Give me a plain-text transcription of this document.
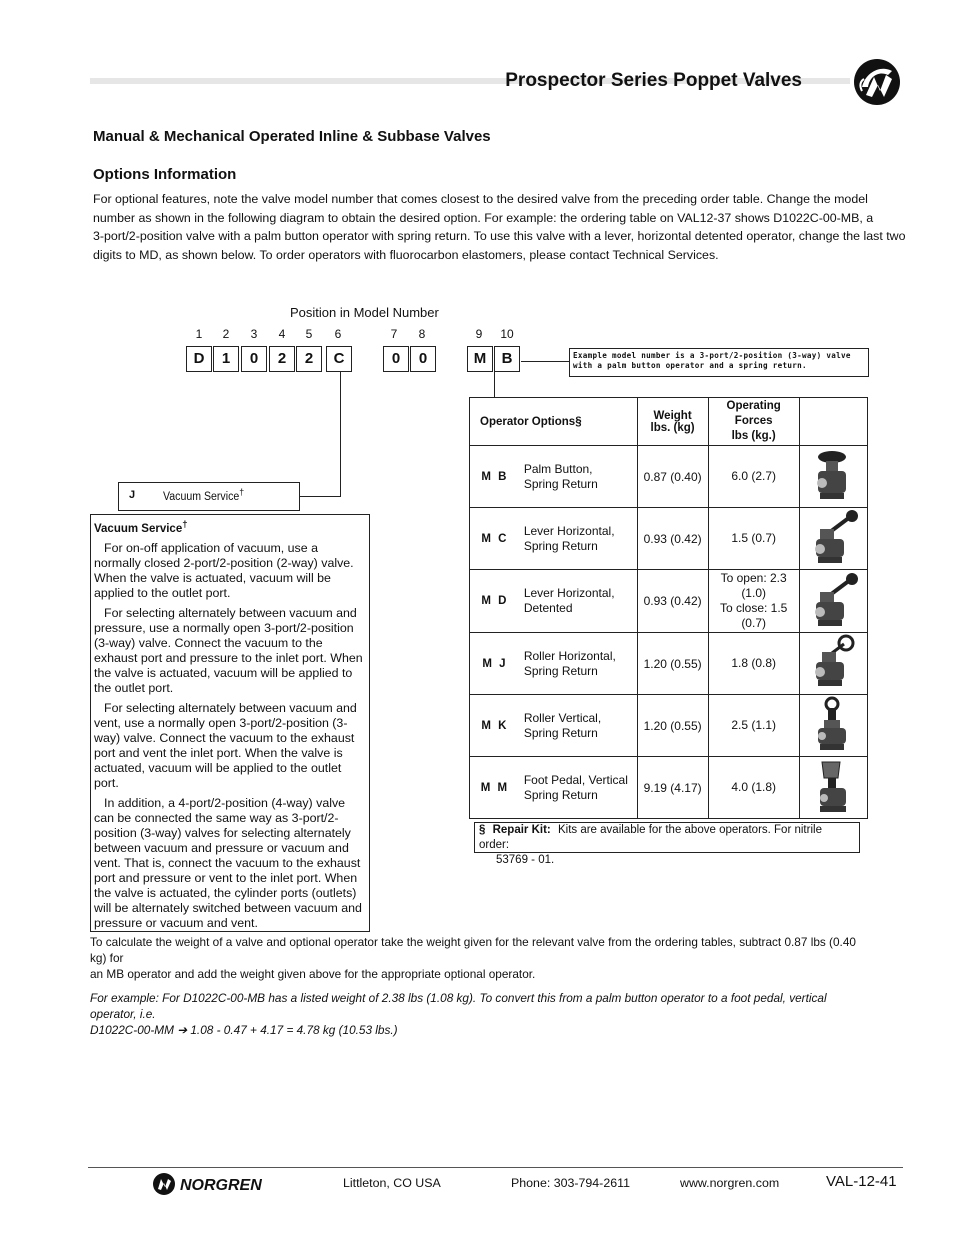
Prospector Series Poppet Valves
Manual & Mechanical Operated Inline & Subbase Valves
Options Information

For optional features, note the valve model number that comes closest to the desired valve from the preceding order table. Change the model

number as shown in the following diagram to obtain the desired option. For example: the ordering table on VAL12-37 shows D1022C-00-MB, a

3-port/2-position valve with a palm button operator with spring return. To use this valve with a lever, horizontal detented operator, change the last two

digits to MD, as shown below. To order operators with fluorocarbon elastomers, please contact Technical Services.

Position in Model Number
1	2	3	4	5	6	7	8	9	10
D	1	0	2	2	C	0	0	M	B	Example model number is a 3-port/2-position (3-way) valve
with a palm button operator and a spring return.
J Vacuum Service†
Vacuum Service†

For on-off application of vacuum, use a normally closed 2-port/2-position (2-way) valve. When the valve is actuated, vacuum will be applied to the outlet port.

For selecting alternately between vacuum and pressure, use a normally open 3-port/2-position (3-way) valve. Connect the vacuum to the exhaust port and pressure to the inlet port. When the valve is actuated, vacuum will be applied to the outlet port.

For selecting alternately between vacuum and vent, use a normally open 3-port/2-position (3-way) valve. Connect the vacuum to the exhaust port and vent the inlet port. When the valve is actuated, vacuum will be applied to the outlet port.

In addition, a 4-port/2-position (4-way) valve can be connected the same way as 3-port/2-position (3-way) valves for selecting alternately between vacuum and pressure or vacuum and vent. That is, connect the vacuum to the exhaust port and pressure or vent to the inlet port. When the valve is actuated, the cylinder ports (outlets) will be alternately switched between vacuum and pressure or vacuum and vent.

Operator Options§		Weight
lbs. (kg)	Operating Forces
lbs (kg.)	
M B	Palm Button,
Spring Return	0.87 (0.40)	6.0 (2.7)	
M C	Lever Horizontal,
Spring Return	0.93 (0.42)	1.5 (0.7)	
M D	Lever Horizontal,
Detented	0.93 (0.42)	To open: 2.3 (1.0)
To close: 1.5 (0.7)	
M J	Roller Horizontal,
Spring Return	1.20 (0.55)	1.8 (0.8)	
M K	Roller Vertical,
Spring Return	1.20 (0.55)	2.5 (1.1)	
M M	Foot Pedal, Vertical
Spring Return	9.19 (4.17)	4.0 (1.8)	
§ Repair Kit: Kits are available for the above operators. For nitrile order:
53769 - 01.

To calculate the weight of a valve and optional operator take the weight given for the relevant valve from the ordering tables, subtract 0.87 lbs (0.40 kg) for
an MB operator and add the weight given above for the appropriate optional operator.

For example: For D1022C-00-MB has a listed weight of 2.38 lbs (1.08 kg). To convert this from a palm button operator to a foot pedal, vertical operator, i.e.
D1022C-00-MM ➔ 1.08 - 0.47 + 4.17 = 4.78 kg (10.53 lbs.)

NORGREN	Littleton, CO USA	Phone: 303-794-2611	www.norgren.com	VAL-12-41
